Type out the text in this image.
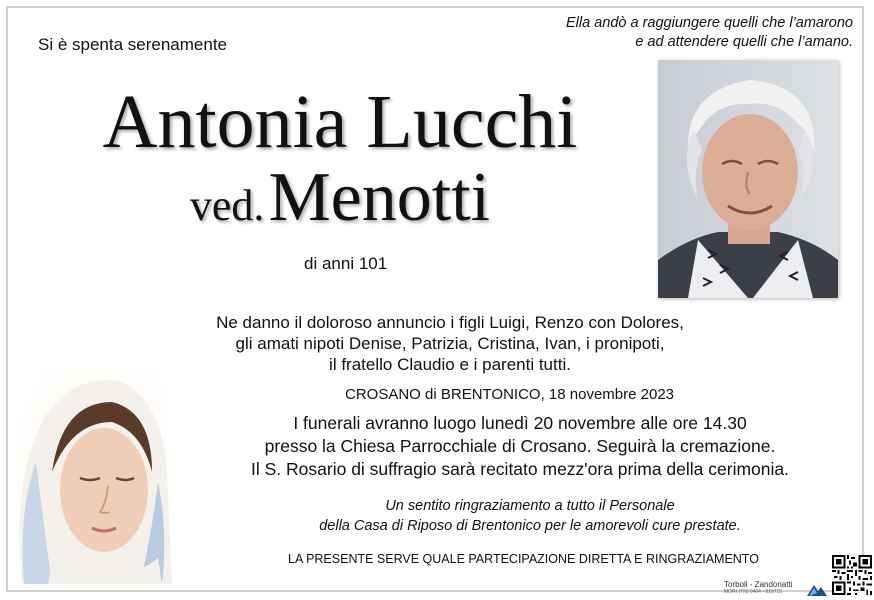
Si è spenta serenamente
Ella andò a raggiungere quelli che l’amarono
e ad attendere quelli che l’amano.
Antonia Lucchi
ved. Menotti
di anni 101
Ne danno il doloroso annuncio i figli Luigi, Renzo con Dolores,
gli amati nipoti Denise, Patrizia, Cristina, Ivan, i pronipoti,
il fratello Claudio e i parenti tutti.
CROSANO di BRENTONICO, 18 novembre 2023
I funerali avranno luogo lunedì 20 novembre alle ore 14.30
presso la Chiesa Parrocchiale di Crosano. Seguirà la cremazione.
Il S. Rosario di suffragio sarà recitato mezz'ora prima della cerimonia.
Un sentito ringraziamento a tutto il Personale
della Casa di Riposo di Brentonico per le amorevoli cure prestate.
LA PRESENTE SERVE QUALE PARTECIPAZIONE DIRETTA E RINGRAZIAMENTO
Torboli - Zandonatti
MORI (TN) 0464 - 918715
